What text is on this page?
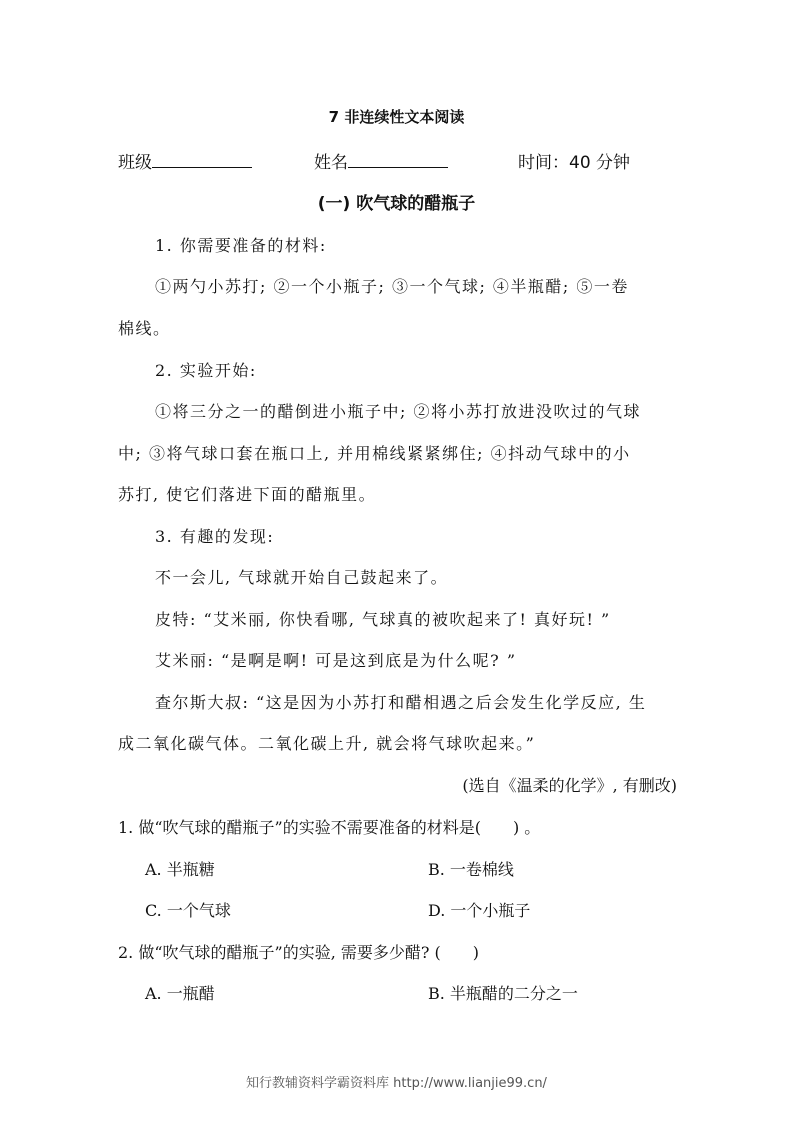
7 非连续性文本阅读
班级	姓名	时间：40 分钟
(一) 吹气球的醋瓶子
1. 你需要准备的材料:
①两勺小苏打; ②一个小瓶子; ③一个气球; ④半瓶醋; ⑤一卷
棉线。
2. 实验开始:
①将三分之一的醋倒进小瓶子中; ②将小苏打放进没吹过的气球
中; ③将气球口套在瓶口上, 并用棉线紧紧绑住; ④抖动气球中的小
苏打, 使它们落进下面的醋瓶里。
3. 有趣的发现:
不一会儿, 气球就开始自己鼓起来了。
皮特: “艾米丽, 你快看哪, 气球真的被吹起来了! 真好玩! ”
艾米丽: “是啊是啊! 可是这到底是为什么呢? ”
查尔斯大叔: “这是因为小苏打和醋相遇之后会发生化学反应, 生
成二氧化碳气体。二氧化碳上升, 就会将气球吹起来。”
(选自《温柔的化学》, 有删改)
1. 做“吹气球的醋瓶子”的实验不需要准备的材料是(　　) 。
A. 半瓶糖	B. 一卷棉线
C. 一个气球	D. 一个小瓶子
2. 做“吹气球的醋瓶子”的实验, 需要多少醋? (　　)
A. 一瓶醋	B. 半瓶醋的二分之一
知行教辅资料学霸资料库 http://www.lianjie99.cn/
